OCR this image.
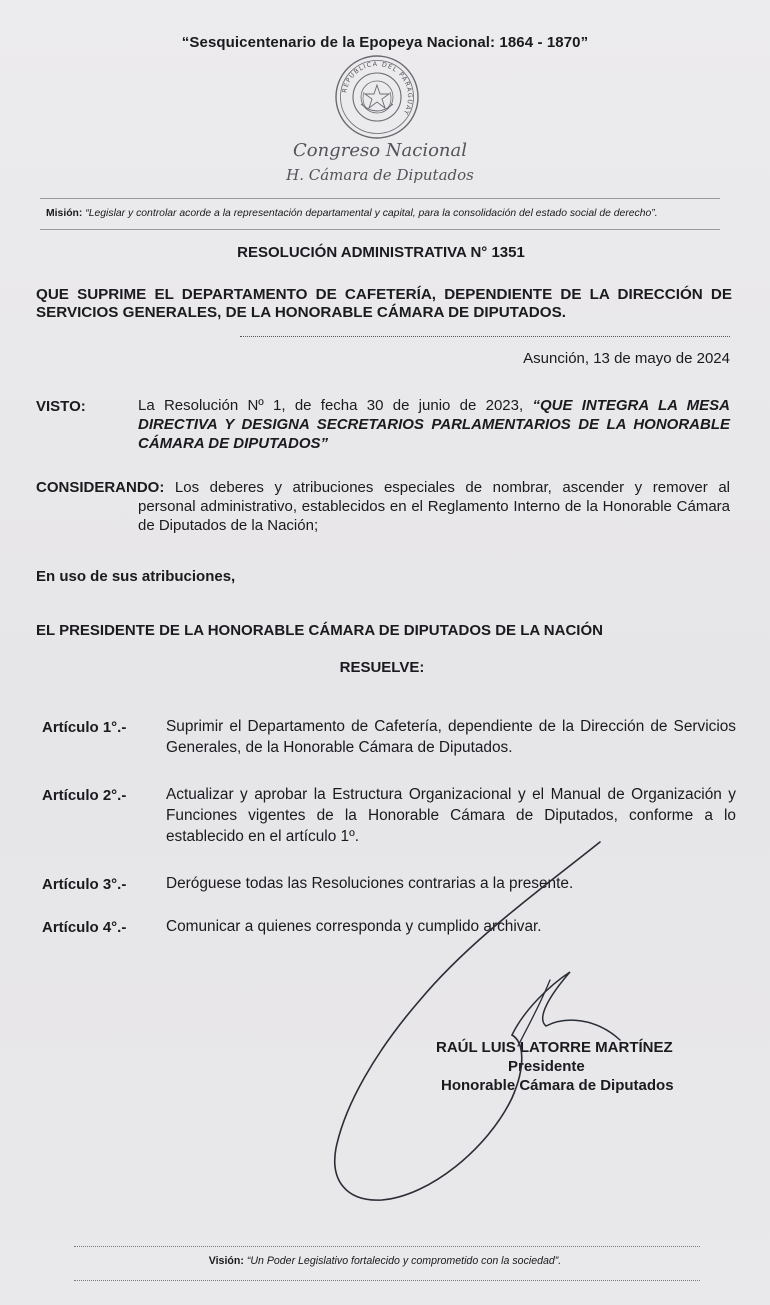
“Sesquicentenario de la Epopeya Nacional: 1864 - 1870”
REPÚBLICA DEL PARAGUAY
Congreso Nacional
H. Cámara de Diputados
Misión: “Legislar y controlar acorde a la representación departamental y capital, para la consolidación del estado social de derecho”.
RESOLUCIÓN ADMINISTRATIVA N° 1351
QUE SUPRIME EL DEPARTAMENTO DE CAFETERÍA, DEPENDIENTE DE LA DIRECCIÓN DE
SERVICIOS GENERALES, DE LA HONORABLE CÁMARA DE DIPUTADOS.
Asunción, 13 de mayo de 2024
VISTO:	La Resolución Nº 1, de fecha 30 de junio de 2023, “QUE INTEGRA LA MESA DIRECTIVA Y DESIGNA SECRETARIOS PARLAMENTARIOS DE LA HONORABLE CÁMARA DE DIPUTADOS”
CONSIDERANDO: Los deberes y atribuciones especiales de nombrar, ascender y remover al
personal administrativo, establecidos en el Reglamento Interno de la Honorable Cámara de Diputados de la Nación;
En uso de sus atribuciones,
EL PRESIDENTE DE LA HONORABLE CÁMARA DE DIPUTADOS DE LA NACIÓN
RESUELVE:
Artículo 1°.-	Suprimir el Departamento de Cafetería, dependiente de la Dirección de Servicios Generales, de la Honorable Cámara de Diputados.
Artículo 2°.-	Actualizar y aprobar la Estructura Organizacional y el Manual de Organización y Funciones vigentes de la Honorable Cámara de Diputados, conforme a lo establecido en el artículo 1º.
Artículo 3°.-	Deróguese todas las Resoluciones contrarias a la presente.
Artículo 4°.-	Comunicar a quienes corresponda y cumplido archivar.
RAÚL LUIS LATORRE MARTÍNEZ
Presidente
Honorable Cámara de Diputados
Visión: “Un Poder Legislativo fortalecido y comprometido con la sociedad”.
